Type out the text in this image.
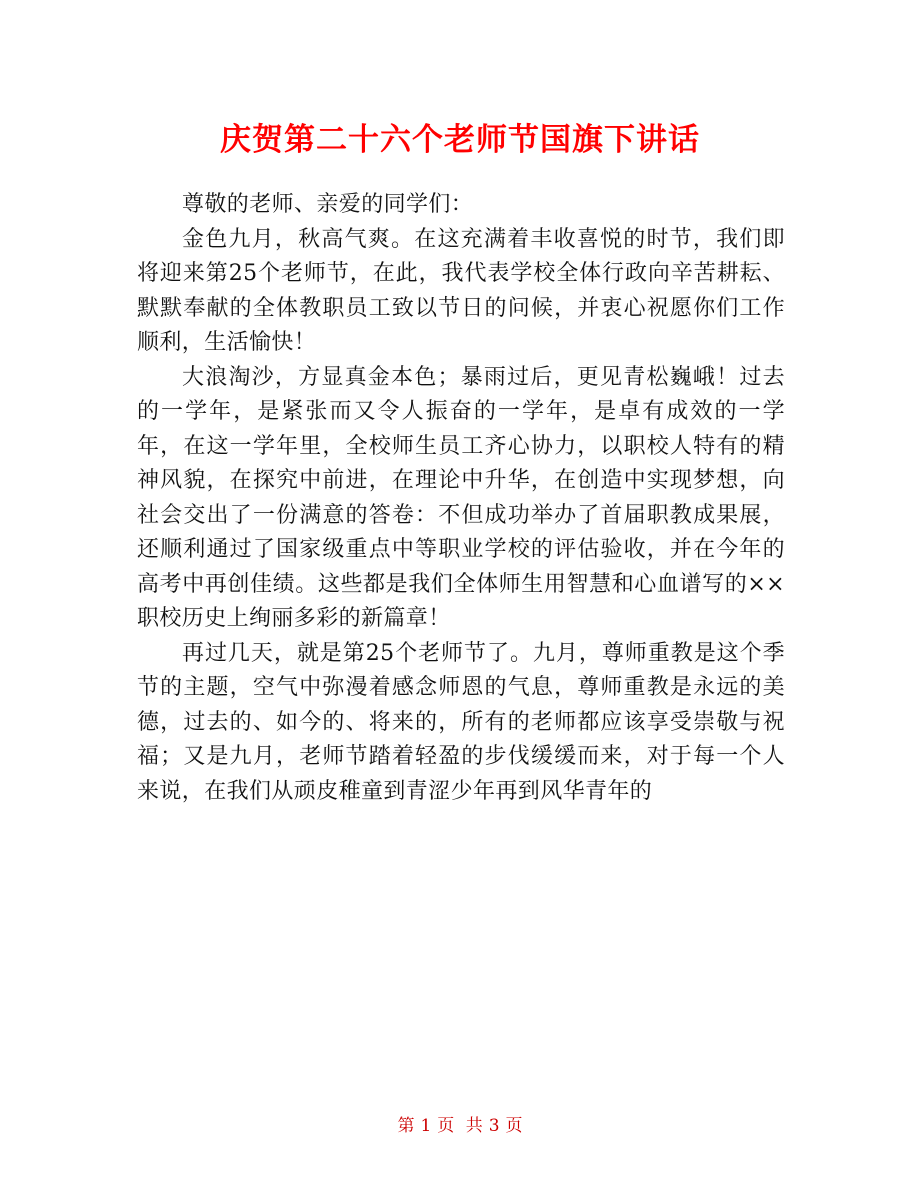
庆贺第二十六个老师节国旗下讲话

尊敬的老师、亲爱的同学们：

金色九月，秋高气爽。在这充满着丰收喜悦的时节，我们即将迎来第25个老师节，在此，我代表学校全体行政向辛苦耕耘、默默奉献的全体教职员工致以节日的问候，并衷心祝愿你们工作顺利，生活愉快！

大浪淘沙，方显真金本色；暴雨过后，更见青松巍峨！过去的一学年，是紧张而又令人振奋的一学年，是卓有成效的一学年，在这一学年里，全校师生员工齐心协力，以职校人特有的精神风貌，在探究中前进，在理论中升华，在创造中实现梦想，向社会交出了一份满意的答卷：不但成功举办了首届职教成果展，还顺利通过了国家级重点中等职业学校的评估验收，并在今年的高考中再创佳绩。这些都是我们全体师生用智慧和心血谱写的××职校历史上绚丽多彩的新篇章！

再过几天，就是第25个老师节了。九月，尊师重教是这个季节的主题，空气中弥漫着感念师恩的气息，尊师重教是永远的美德，过去的、如今的、将来的，所有的老师都应该享受崇敬与祝福；又是九月，老师节踏着轻盈的步伐缓缓而来，对于每一个人来说，在我们从顽皮稚童到青涩少年再到风华青年的

第 1 页 共 3 页
